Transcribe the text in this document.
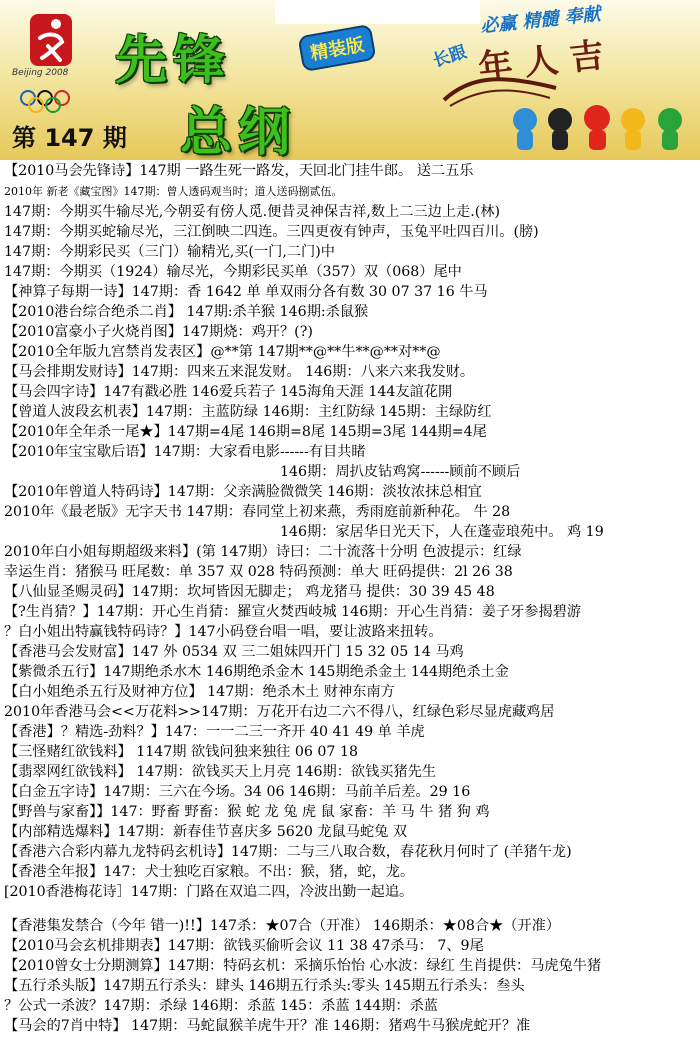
Beijing 2008 先锋
总纲
精装版
第 147 期
必赢 精髓 奉献
长跟 年 人 吉
【2010马会先锋诗】147期 一路生死一路发，天回北门挂牛郎。 送二五乐
2010年 新老《藏宝图》147期：曾人透码观当时；道人送码捌贰伍。
147期：今期买牛输尽光,今朝妥有傍人觅.便昔灵神保吉祥,数上二三边上走.(林)
147期：今期买蛇输尽光，三江倒映二四连。三四更夜有钟声，玉兔平吐四百川。(膀)
147期：今期彩民买（三门）输精光,买(一门,二门)中
147期：今期买（1924）输尽光，今期彩民买单（357）双（068）尾中
【神算子每期一诗】147期：香 1642 单 单双雨分各有数 30 07 37 16 牛马
【2010港台综合绝杀二肖】 147期:杀羊猴 146期:杀鼠猴
【2010富豪小子火烧肖图】147期烧：鸡开？(?)
【2010全年版九宫禁肖发表区】@**第 147期**@**牛**@**对**@
【马会排期发财诗】147期：四来五来混发财。 146期：八来六来我发财。
【马会四字诗】147有戳必胜 146爱兵若子 145海角天涯 144友誼花開
【曾道人波段玄机表】147期：主蓝防绿 146期：主红防绿 145期：主绿防红
【2010年全年杀一尾★】147期=4尾 146期=8尾 145期=3尾 144期=4尾
【2010年宝宝歇后语】147期：大家看电影------有目共睹
146期：周扒皮钻鸡窝------顾前不顾后
【2010年曾道人特码诗】147期：父亲满脸微微笑 146期：淡妆浓抹总相宜
2010年《最老版》无字天书 147期：春同堂上初来燕，秀雨庭前新种花。 牛 28
146期：家居华日光天下，人在蓬壶琅苑中。 鸡 19
2010年白小姐每期超级来料】(第 147期）诗曰：二十流落十分明 色波提示：红绿
幸运生肖：猪猴马 旺尾数：单 357 双 028 特码预测：单大 旺码提供：2l 26 38
【八仙显圣赐灵码】147期：坎坷皆因无脚走； 鸡龙猪马 提供：30 39 45 48
【?生肖猜？】147期：开心生肖猜：羅宣火焚西岐城 146期：开心生肖猜：姜子牙参揭碧游
？白小姐出特赢钱特码诗？】147小码登台唱一唱，要让波路来扭转。
【香港马会发财富】147 外 0534 双 三二姐妹四开门 15 32 05 14 马鸡
【紫微杀五行】147期绝杀水木 146期绝杀金木 145期绝杀金土 144期绝杀土金
【白小姐绝杀五行及财神方位】 147期：绝杀木土 财神东南方
2010年香港马会<<万花料>>147期：万花开右边二六不得八，红绿色彩尽显虎藏鸡居
【香港】？精选-劲料？】147：一一二三一齐开 40 41 49 单 羊虎
【三怪赌红欲钱料】 1147期 欲钱问独来独往 06 07 18
【翡翠网红欲钱料】 147期：欲钱买天上月亮 146期：欲钱买猪先生
【白金五字诗】147期：三六在今场。34 06 146期：马前羊后差。29 16
【野兽与家畜】】147：野畜 野畜：猴 蛇 龙 兔 虎 鼠 家畜：羊 马 牛 猪 狗 鸡
【内部精选爆料】147期：新春佳节喜庆多 5620 龙鼠马蛇兔 双
【香港六合彩内幕九龙特码玄机诗】147期：二与三八取合数，春花秋月何时了 (羊猪午龙)
【香港全年报】147：犬士独吃百家粮。不出：猴，猪，蛇，龙。
[2010香港梅花诗］147期：门路在双追二四，冷波出勤一起追。
【香港集发禁合（今年 错一)!!】147杀：★07合（开准） 146期杀：★08合★（开准）
【2010马会玄机排期表】147期：欲钱买偷听会议 11 38 47杀马： 7、9尾
【2010曾女士分期测算】147期：特码玄机：采摘乐怡怡 心水波：绿红 生肖提供：马虎兔牛猪
【五行杀头版】147期五行杀头：肆头 146期五行杀头:零头 145期五行杀头：叁头
？公式一杀波？147期：杀绿 146期：杀蓝 145：杀蓝 144期：杀蓝
【马会的7肖中特】 147期：马蛇鼠猴羊虎牛开？准 146期：猪鸡牛马猴虎蛇开？准
